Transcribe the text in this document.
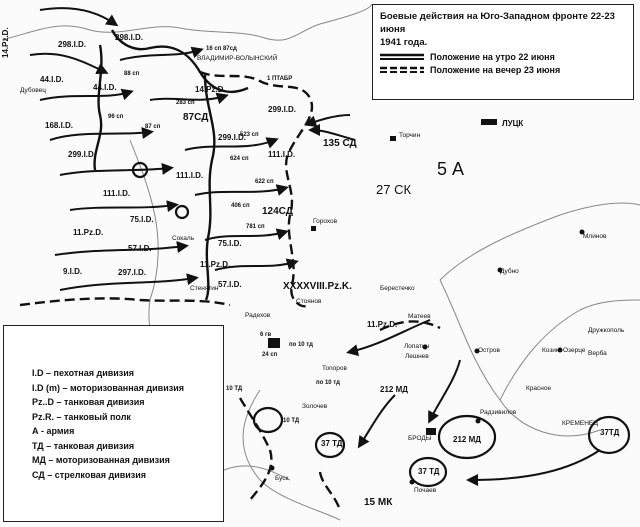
14.Pz.D.	298.I.D.
298.I.D.
44.I.D.
44.I.D.
168.I.D.
299.I.D.
299.I.D.
299.I.D.
111.I.D.
111.I.D.
111.I.D.
11.Pz.D.
11.Pz.D.
11.Pz.D.
75.I.D.
75.I.D.
57.I.D.
57.I.D.
9.I.D.	297.I.D.
14.Pz.D.
87СД
124СД
135 СД
27 СК
5 А
XXXXVIII.Pz.K.
1 ПТАБР
10 ТД
10 ТД
212 МД
212 МД
37 ТД
37 ТД
37ТД
15 МК
16 сп 87сд
88 сп
96 сп
87 сп
283 сп
624 сп
781 сп
622 сп
406 сп
523 сп
по 10 тд
по 10 тд
6 гв
24 сп
ВЛАДИМИР-ВОЛЫНСКИЙ
ЛУЦК
Торчин
Горохов
Сокаль
Стоянов
Радехов
БРОДЫ
КРЕМЕНЕЦ
Буск
Берестечко
Млинов
Дубно
Озерце
Дружкополь
Красное
Верба
Почаев
Лопатин
Лешнев
Остров
Золочев
Топоров
Радзивилов
Матеев
Козин
Стенятин
Дубовец
Боевые действия на Юго-Западном фронте 22-23 июня
1941 года.
Положение на утро 22 июня
Положение на вечер 23 июня
I.D – пехотная дивизия
I.D (m) – моторизованная дивизия
Pz..D – танковая дивизия
Pz.R. – танковый полк
А - армия
ТД – танковая дивизия
МД – моторизованная дивизия
СД – стрелковая дивизия
